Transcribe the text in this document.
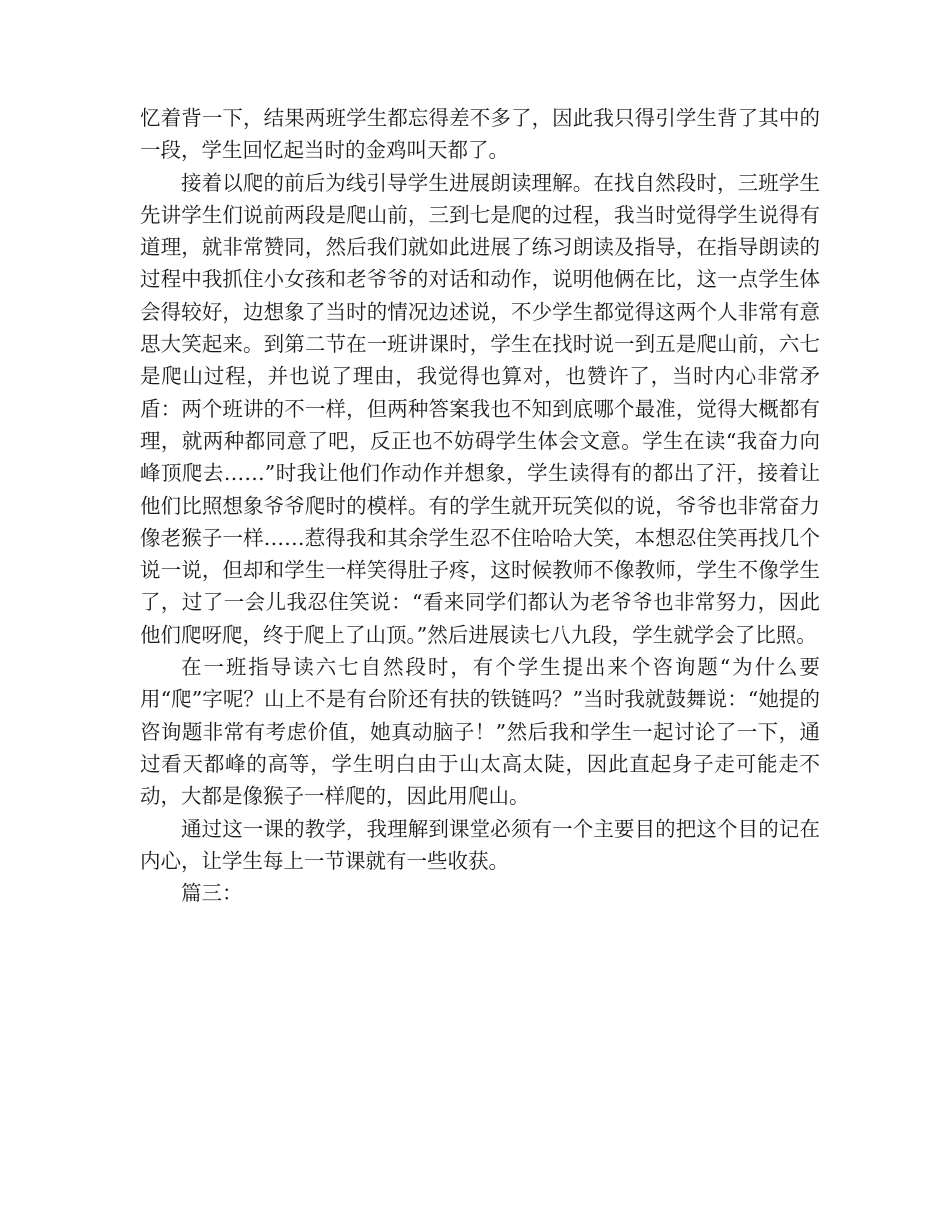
忆着背一下，结果两班学生都忘得差不多了，因此我只得引学生背了其中的一段，学生回忆起当时的金鸡叫天都了。

接着以爬的前后为线引导学生进展朗读理解。在找自然段时，三班学生先讲学生们说前两段是爬山前，三到七是爬的过程，我当时觉得学生说得有道理，就非常赞同，然后我们就如此进展了练习朗读及指导，在指导朗读的过程中我抓住小女孩和老爷爷的对话和动作，说明他俩在比，这一点学生体会得较好，边想象了当时的情况边述说，不少学生都觉得这两个人非常有意思大笑起来。到第二节在一班讲课时，学生在找时说一到五是爬山前，六七是爬山过程，并也说了理由，我觉得也算对，也赞许了，当时内心非常矛盾：两个班讲的不一样，但两种答案我也不知到底哪个最准，觉得大概都有理，就两种都同意了吧，反正也不妨碍学生体会文意。学生在读“我奋力向峰顶爬去……”时我让他们作动作并想象，学生读得有的都出了汗，接着让他们比照想象爷爷爬时的模样。有的学生就开玩笑似的说，爷爷也非常奋力像老猴子一样……惹得我和其余学生忍不住哈哈大笑，本想忍住笑再找几个说一说，但却和学生一样笑得肚子疼，这时候教师不像教师，学生不像学生了，过了一会儿我忍住笑说：“看来同学们都认为老爷爷也非常努力，因此他们爬呀爬，终于爬上了山顶。”然后进展读七八九段，学生就学会了比照。

在一班指导读六七自然段时，有个学生提出来个咨询题“为什么要用“爬”字呢？山上不是有台阶还有扶的铁链吗？”当时我就鼓舞说：“她提的咨询题非常有考虑价值，她真动脑子！”然后我和学生一起讨论了一下，通过看天都峰的高等，学生明白由于山太高太陡，因此直起身子走可能走不动，大都是像猴子一样爬的，因此用爬山。

通过这一课的教学，我理解到课堂必须有一个主要目的把这个目的记在内心，让学生每上一节课就有一些收获。

篇三：
